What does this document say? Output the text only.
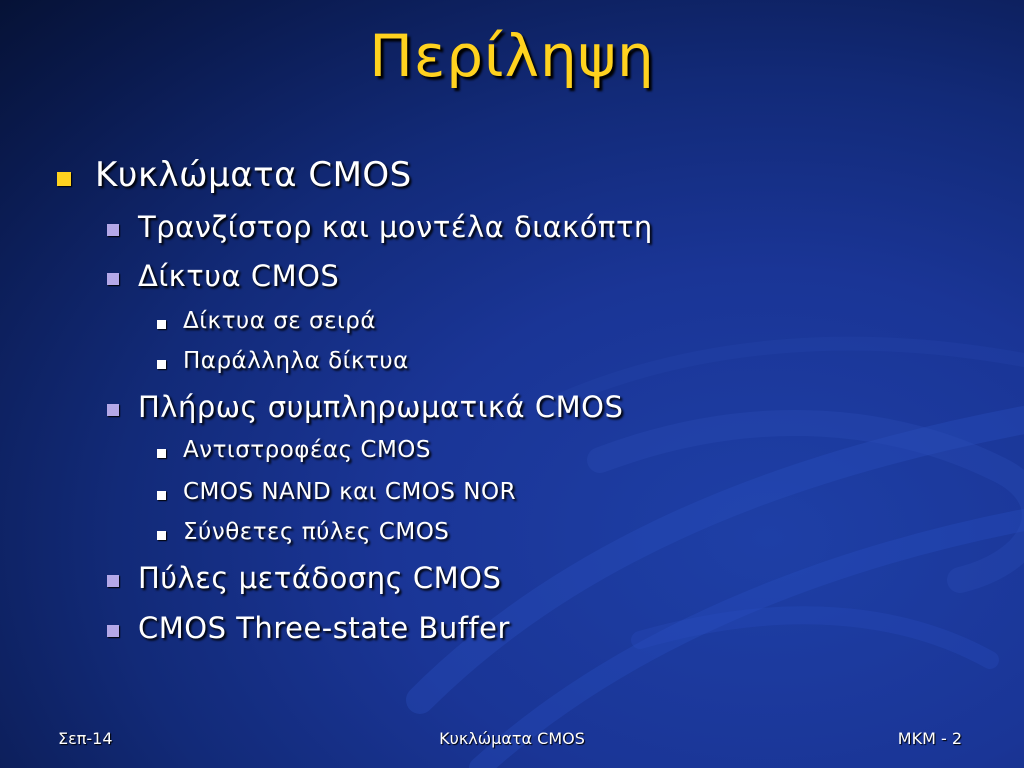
Περίληψη
Κυκλώματα CMOS
Τρανζίστορ και μοντέλα διακόπτη
Δίκτυα CMOS
Δίκτυα σε σειρά
Παράλληλα δίκτυα
Πλήρως συμπληρωματικά CMOS
Αντιστροφέας CMOS
CMOS NAND και CMOS NOR
Σύνθετες πύλες CMOS
Πύλες μετάδοσης CMOS
CMOS Three-state Buffer
Σεπ-14	Κυκλώματα CMOS	ΜΚΜ - 2
